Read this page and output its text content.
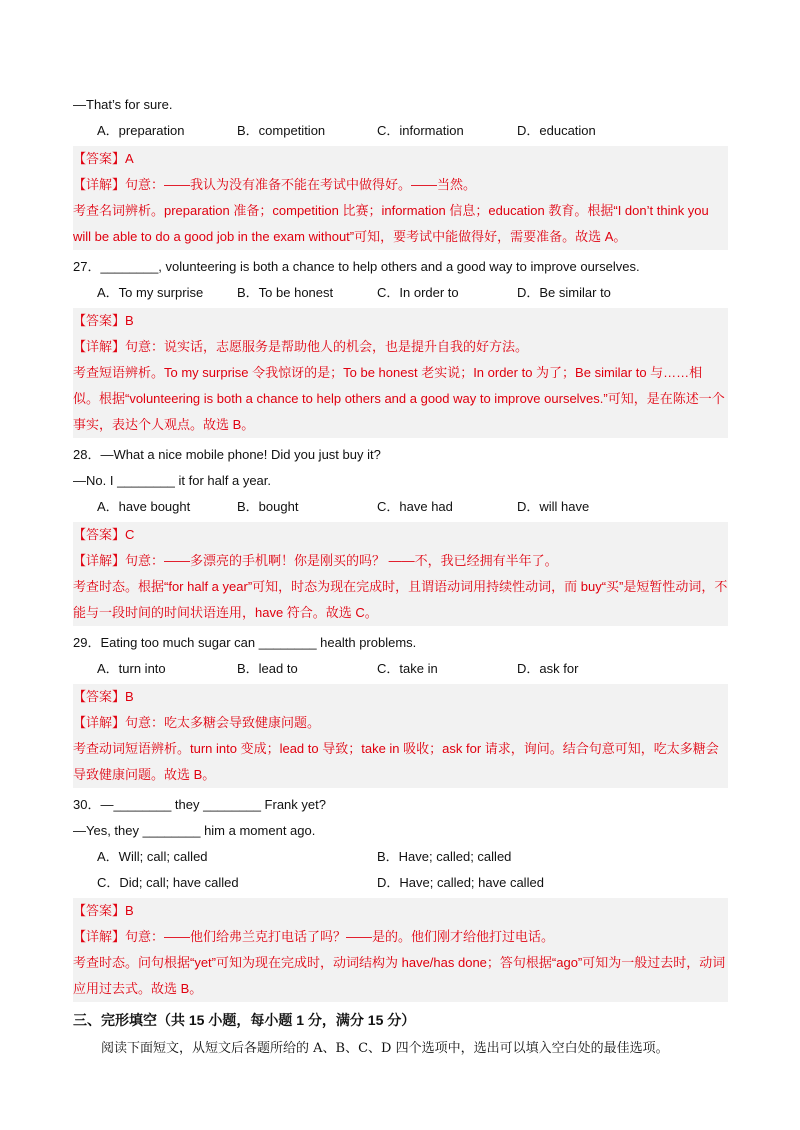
—That’s for sure.
A．preparation	B．competition	C．information	D．education
【答案】A
【详解】句意：——我认为没有准备不能在考试中做得好。——当然。
考查名词辨析。preparation 准备；competition 比赛；information 信息；education 教育。根据“I don’t think you will be able to do a good job in the exam without”可知，要考试中能做得好，需要准备。故选 A。
27．________, volunteering is both a chance to help others and a good way to improve ourselves.
A．To my surprise	B．To be honest	C．In order to	D．Be similar to
【答案】B
【详解】句意：说实话，志愿服务是帮助他人的机会，也是提升自我的好方法。
考查短语辨析。To my surprise 令我惊讶的是；To be honest 老实说；In order to 为了；Be similar to 与……相似。根据“volunteering is both a chance to help others and a good way to improve ourselves.”可知，是在陈述一个事实，表达个人观点。故选 B。
28．—What a nice mobile phone! Did you just buy it?
—No. I ________ it for half a year.
A．have bought	B．bought	C．have had	D．will have
【答案】C
【详解】句意：——多漂亮的手机啊！你是刚买的吗？ ——不，我已经拥有半年了。
考查时态。根据“for half a year”可知，时态为现在完成时，且谓语动词用持续性动词，而 buy“买”是短暂性动词，不能与一段时间的时间状语连用，have 符合。故选 C。
29．Eating too much sugar can ________ health problems.
A．turn into	B．lead to	C．take in	D．ask for
【答案】B
【详解】句意：吃太多糖会导致健康问题。
考查动词短语辨析。turn into 变成；lead to 导致；take in 吸收；ask for 请求，询问。结合句意可知，吃太多糖会导致健康问题。故选 B。
30．—________ they ________ Frank yet?
—Yes, they ________ him a moment ago.
A．Will; call; called	B．Have; called; called
C．Did; call; have called	D．Have; called; have called
【答案】B
【详解】句意：——他们给弗兰克打电话了吗？——是的。他们刚才给他打过电话。
考查时态。问句根据“yet”可知为现在完成时，动词结构为 have/has done；答句根据“ago”可知为一般过去时，动词应用过去式。故选 B。
三、完形填空（共 15 小题，每小题 1 分，满分 15 分）
阅读下面短文，从短文后各题所给的 A、B、C、D 四个选项中，选出可以填入空白处的最佳选项。
